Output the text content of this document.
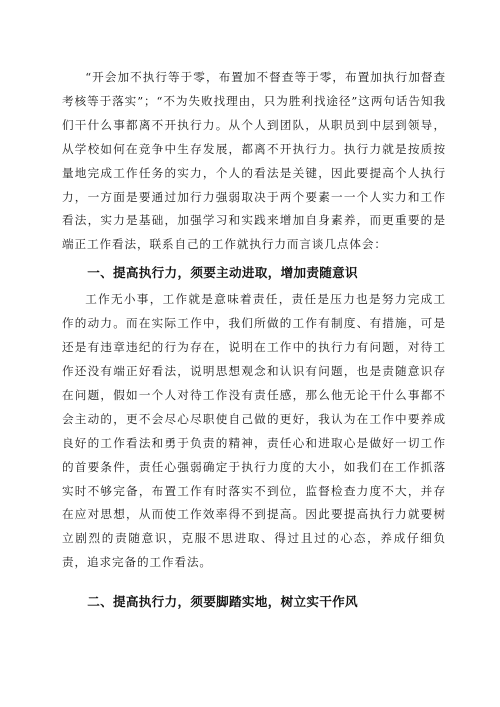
“开会加不执行等于零，布置加不督查等于零，布置加执行加督查考核等于落实”；“不为失败找理由，只为胜利找途径”这两句话告知我们干什么事都离不开执行力。从个人到团队，从职员到中层到领导，从学校如何在竞争中生存发展，都离不开执行力。执行力就是按质按量地完成工作任务的实力，个人的看法是关键，因此要提高个人执行力，一方面是要通过加行力强弱取决于两个要素一一个人实力和工作看法，实力是基础，加强学习和实践来增加自身素养，而更重要的是端正工作看法，联系自己的工作就执行力而言谈几点体会：

一、提高执行力，须要主动进取，增加责随意识

工作无小事，工作就是意味着责任，责任是压力也是努力完成工作的动力。而在实际工作中，我们所做的工作有制度、有措施，可是还是有违章违纪的行为存在，说明在工作中的执行力有问题，对待工作还没有端正好看法，说明思想观念和认识有问题，也是责随意识存在问题，假如一个人对待工作没有责任感，那么他无论干什么事都不会主动的，更不会尽心尽职使自己做的更好，我认为在工作中要养成良好的工作看法和勇于负责的精神，责任心和进取心是做好一切工作的首要条件，责任心强弱确定于执行力度的大小，如我们在工作抓落实时不够完备，布置工作有时落实不到位，监督检查力度不大，并存在应对思想，从而使工作效率得不到提高。因此要提高执行力就要树立剧烈的责随意识，克服不思进取、得过且过的心态，养成仔细负责，追求完备的工作看法。

二、提高执行力，须要脚踏实地，树立实干作风
